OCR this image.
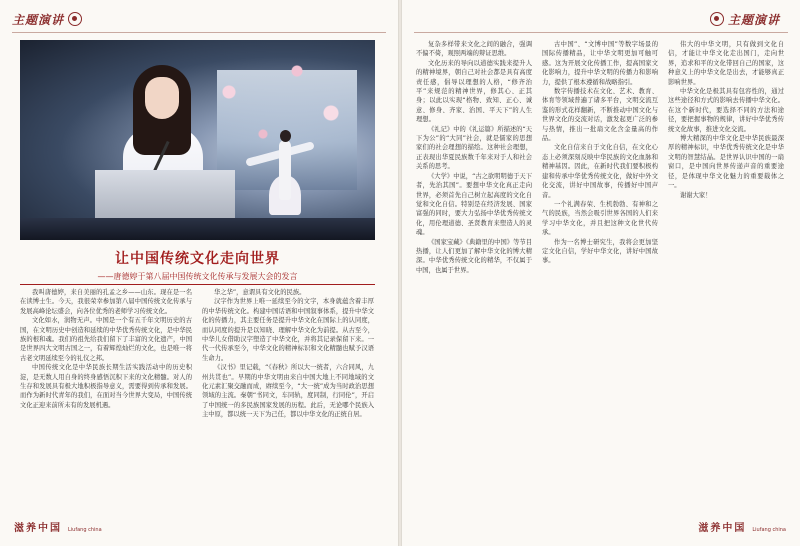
主题演讲
让中国传统文化走向世界
——唐德婷于第八届中国传统文化传承与发展大会的发言

我叫唐德婷，来自美丽的孔孟之乡——山东。现在是一名在读博士生。今天，我很荣幸参加第八届中国传统文化传承与发展高峰论坛盛会，向各位优秀的老师学习传统文化。

文化如水，润物无声。中国是一个有五千年文明历史的古国，在文明历史中创造和延续的中华优秀传统文化，是中华民族的根和魂。我们的祖先给我们留下了丰富的文化遗产，中国是世界四大文明古国之一，有着辉煌灿烂的文化，也是唯一将古老文明延续至今的礼仪之邦。

中国传统文化是中华民族长期生活实践活动中的历史积淀，是无数人用自身的终身感悟沉积下来的文化精髓。对人的生存和发展具有极大地积极指导意义，需要得到传承和发展。而作为新时代青年的我们，在面对当今世界大变局，中国传统文化正迎来前所未有的发展机遇。

华之华”，意谓具有文化的民族。

汉字作为世界上唯一延续至今的文字，本身就蕴含着丰厚的中华传统文化。构建中国话语和中国叙事体系，提升中华文化的传播力，其主要任务是提升中华文化在国际上的认同度，而认同度的提升是以知晓、理解中华文化为前提。从古至今，中华儿女借助汉字塑造了中华文化，并将其记录保留下来。一代一代传承至今，中华文化的精神标识和文化精髓也赋予汉语生命力。

《汉书》里记载，“《春秋》所以大一统者，六合同风，九州共贯也”。早期的中华文明由来自中国大地上不同地域的文化元素汇聚交融而成，赓续至今，“大一统”成为当时政治思想领域的主流。秦朝“书同文，车同轨，度同制，行同伦”，开启了中国统一的多民族国家发展的历程。此后，无论哪个民族入主中原，都以统一天下为己任，都以中华文化的正统自居。

滋养中国 Liufang china
主题演讲

复杂多样带来文化之间的融合，强调不偏不倚，观照两端的辩证思维。

文化历来的导向以道德实践来提升人的精神境界，朝自己对社会都是具有高度责任感，倡导以理想的人格，“修齐治平”来规范的精神世界，修其心、正其身；以此以实现“格物、致知、正心、诚意、修身、齐家、治国、平天下”的人生理想。

《礼记》中的《礼运篇》所描述的“天下为公”的“大同”社会，就是儒家的思想家们的社会理想的描绘。这种社会理想，正表现出华夏民族数千年来对于人和社会关系的思考。

《大学》中说，“古之欲明明德于天下者，先治其国”。要想中华文化真正走向世界，必须首先自己树立起高度的文化自觉和文化自信。特别是在经济发展、国家富强的同时，要大力弘扬中华优秀传统文化，用伦理道德、圣贤教育来塑造人的灵魂。

《国家宝藏》《典籍里的中国》等节目热播，让人们更加了解中华文化的博大精深。中华优秀传统文化的精华，不仅属于中国，也属于世界。

古中国”、“文博中国”等数字场景的国际传播精品，让中华文明更加可触可感。这为开展文化传播工作，提高国家文化影响力，提升中华文明的传播力和影响力，提供了根本遵循和战略指引。

数字传播技术在文化、艺术、教育、体育等领域普遍了诸多平台，文明交流互鉴的形式花样翻新，不断推动中国文化与世界文化的交流对话，激发起更广泛的参与热情，推出一批扇文化含金量高的作品。

文化自信来自于文化自信，在文化心态上必须深刻反映中华民族的文化血脉和精神基因。因此，在新时代我们要积极构建和传承中华优秀传统文化，做好中外文化交流，讲好中国故事，传播好中国声音。

一个礼满春荣、生机勃勃、有神和之气的民族，当然会吸引世界各国的人们来学习中华文化，并且把这种文化世代传承。

作为一名博士研究生，我将会更加坚定文化自信，学好中华文化，讲好中国故事。

伟大的中华文明，只有做到文化自信，才能让中华文化走出国门，走向世界，追求和平的文化带回自己的国家，这种意义上的中华文化是出去，才能够真正影响世界。

中华文化是极其具有包容性的，通过这些途径和方式的影响去传播中华文化。在这个新时代，要选择不同的方法和途径，要把握事物的规律，讲好中华优秀传统文化故事，推进文化交流。

博大精深的中华文化是中华民族最深厚的精神标识，中华优秀传统文化是中华文明的智慧结晶。是世界认识中国的一扇窗口，是中国向世界传递声音的重要途径，是体现中华文化魅力的重要载体之一。

谢谢大家！

滋养中国 Liufang china
